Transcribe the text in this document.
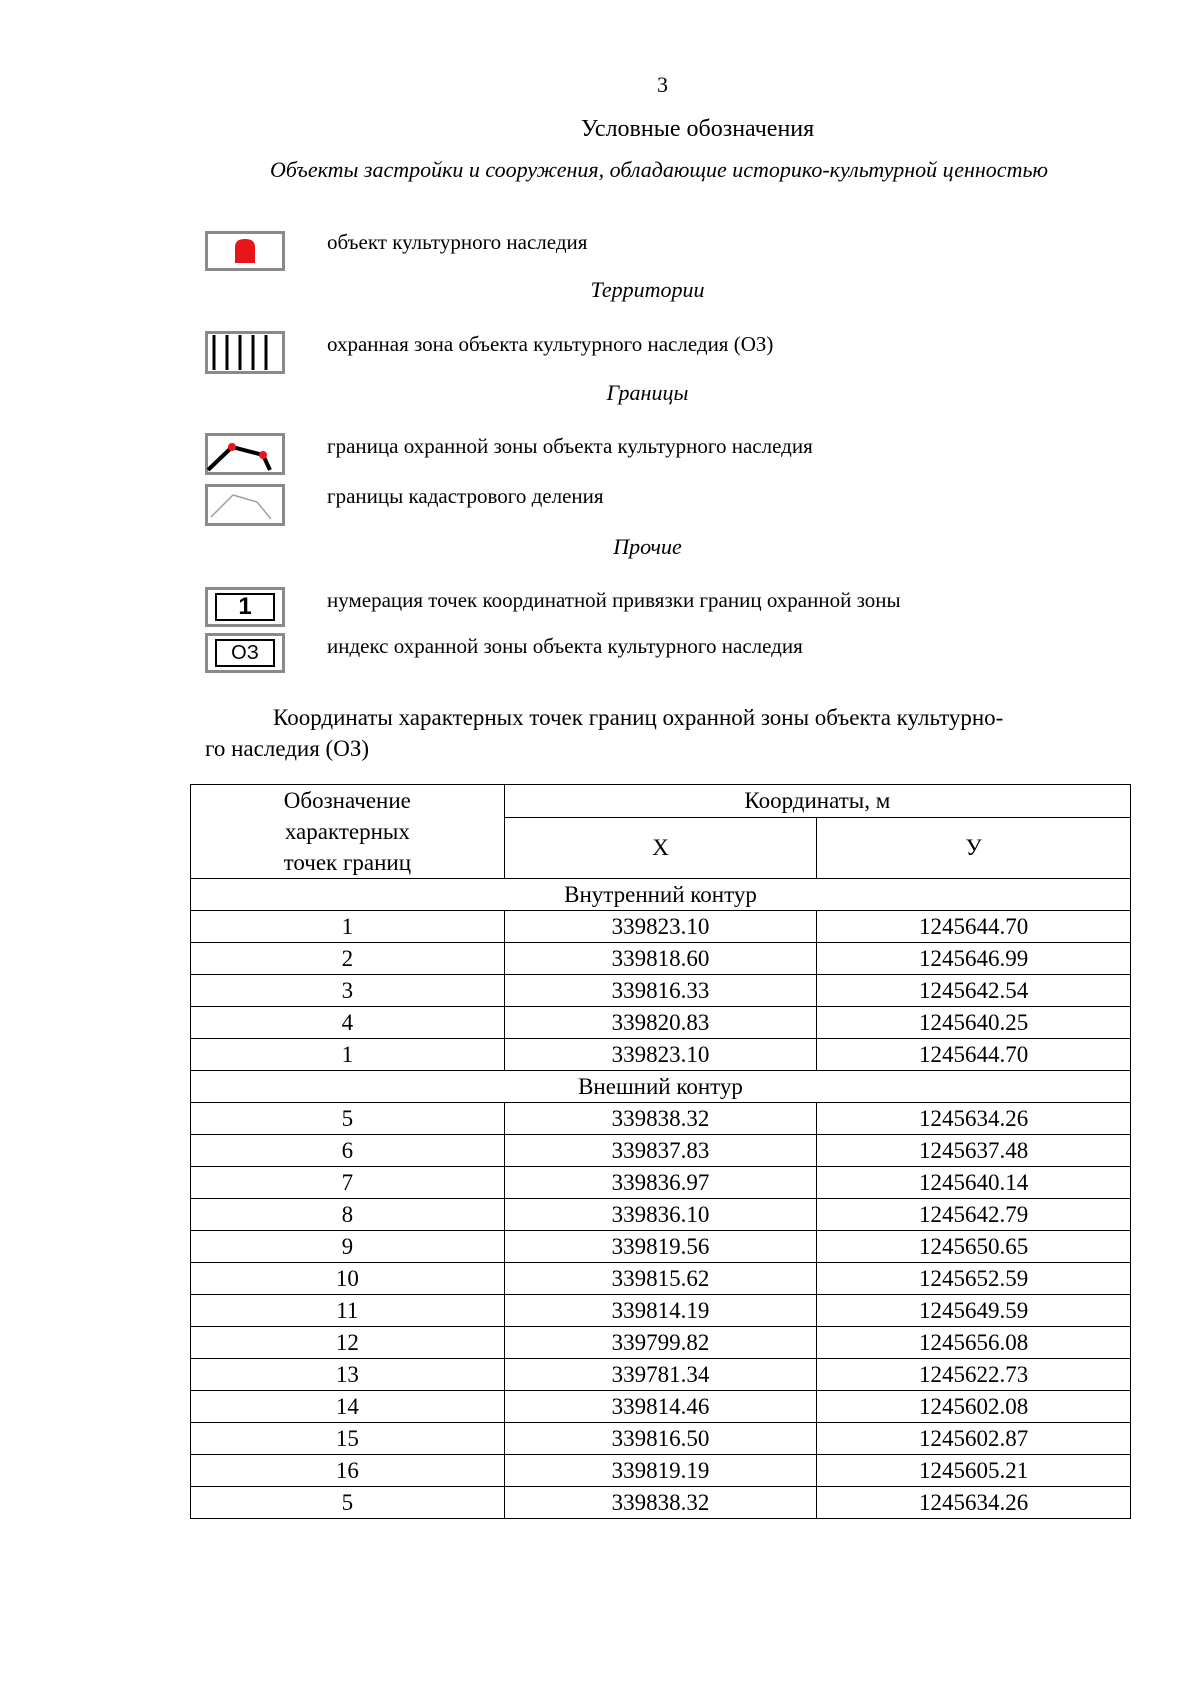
3
Условные обозначения
Объекты застройки и сооружения, обладающие историко-культурной ценностью
объект культурного наследия
Территории
охранная зона объекта культурного наследия (ОЗ)
Границы
граница охранной зоны объекта культурного наследия
границы кадастрового деления
Прочие
1	нумерация точек координатной привязки границ охранной зоны
ОЗ	индекс охранной зоны объекта культурного наследия
Координаты характерных точек границ охранной зоны объекта культурно-
го наследия (ОЗ)
Обозначение
характерных
точек границ	Координаты, м	
	Х	У
Внутренний контур		
1	339823.10	1245644.70
2	339818.60	1245646.99
3	339816.33	1245642.54
4	339820.83	1245640.25
1	339823.10	1245644.70
Внешний контур		
5	339838.32	1245634.26
6	339837.83	1245637.48
7	339836.97	1245640.14
8	339836.10	1245642.79
9	339819.56	1245650.65
10	339815.62	1245652.59
11	339814.19	1245649.59
12	339799.82	1245656.08
13	339781.34	1245622.73
14	339814.46	1245602.08
15	339816.50	1245602.87
16	339819.19	1245605.21
5	339838.32	1245634.26
